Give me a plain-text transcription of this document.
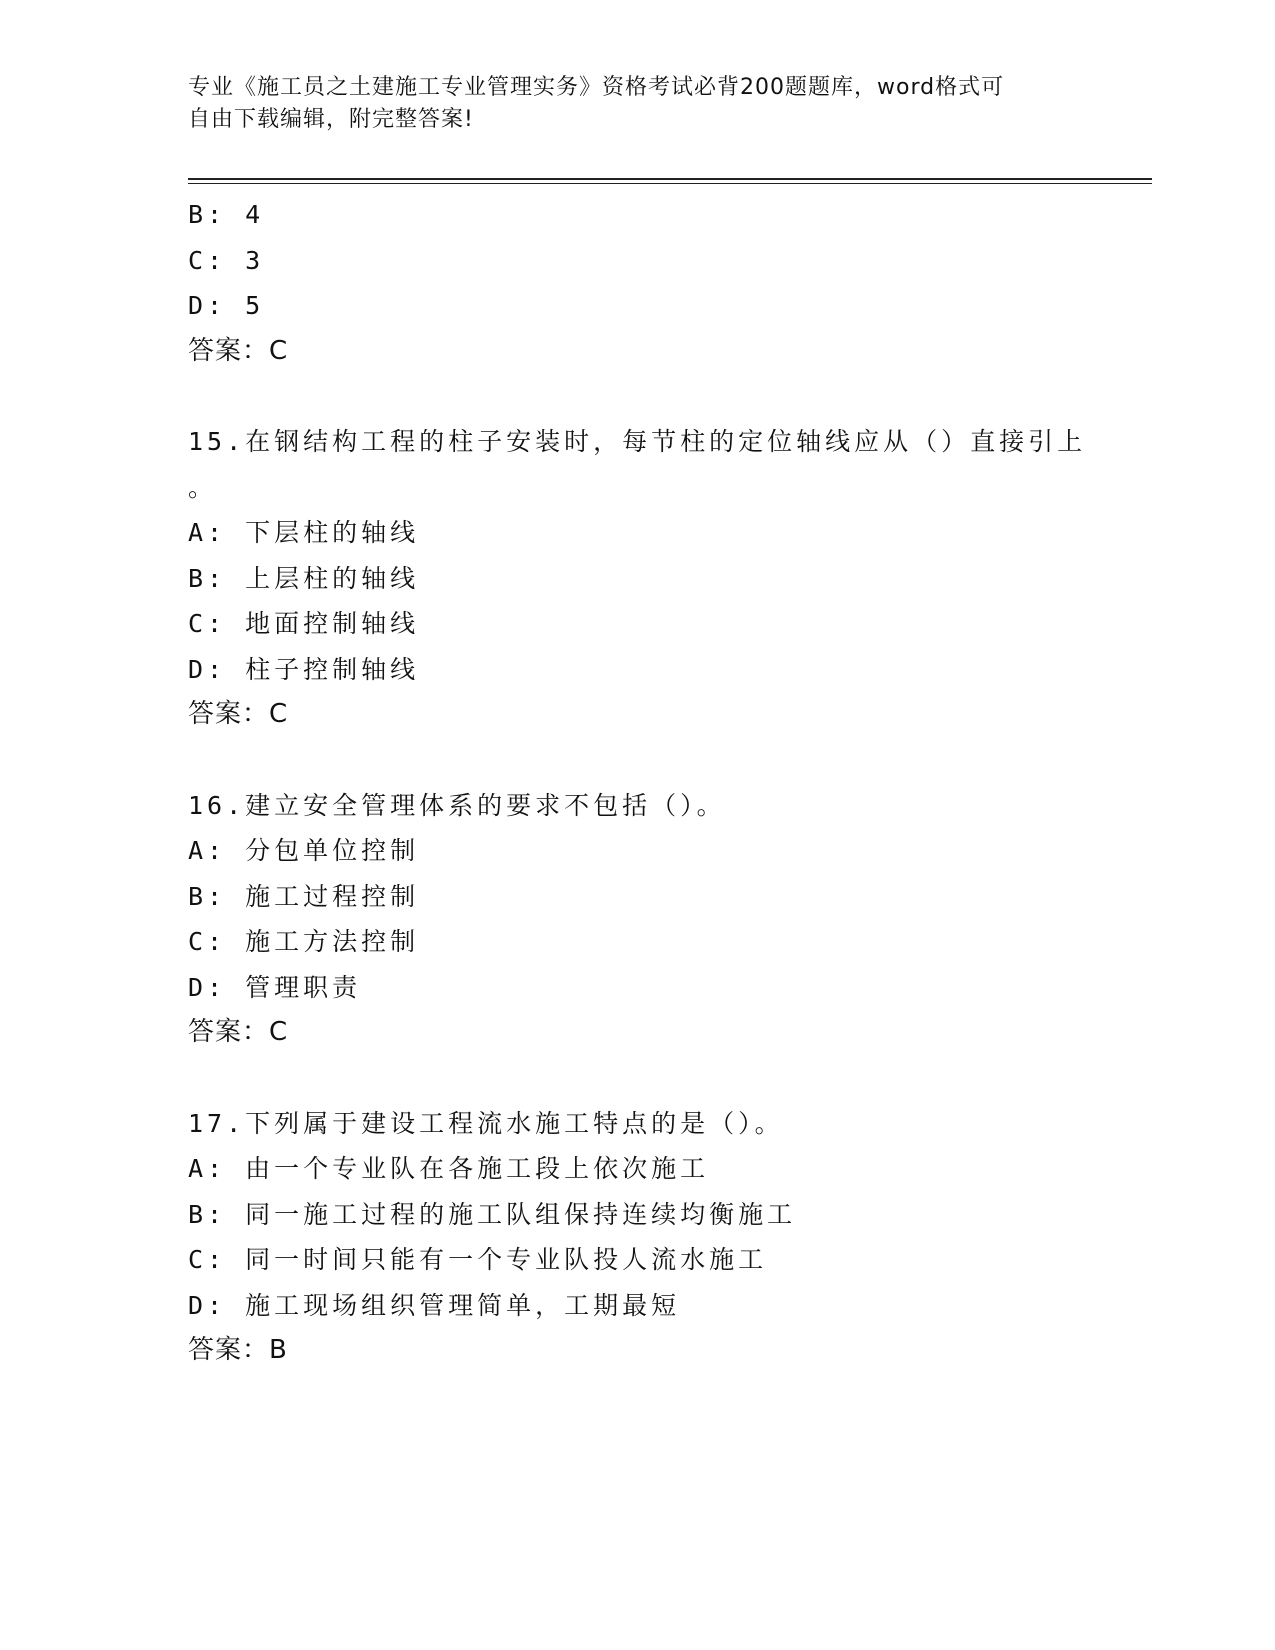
专业《施工员之土建施工专业管理实务》资格考试必背200题题库，word格式可
自由下载编辑，附完整答案!
B: 4
C: 3
D: 5
答案：C
15.在钢结构工程的柱子安装时，每节柱的定位轴线应从（）直接引上
。
A: 下层柱的轴线
B: 上层柱的轴线
C: 地面控制轴线
D: 柱子控制轴线
答案：C
16.建立安全管理体系的要求不包括（）。
A: 分包单位控制
B: 施工过程控制
C: 施工方法控制
D: 管理职责
答案：C
17.下列属于建设工程流水施工特点的是（）。
A: 由一个专业队在各施工段上依次施工
B: 同一施工过程的施工队组保持连续均衡施工
C: 同一时间只能有一个专业队投人流水施工
D: 施工现场组织管理简单，工期最短
答案：B
